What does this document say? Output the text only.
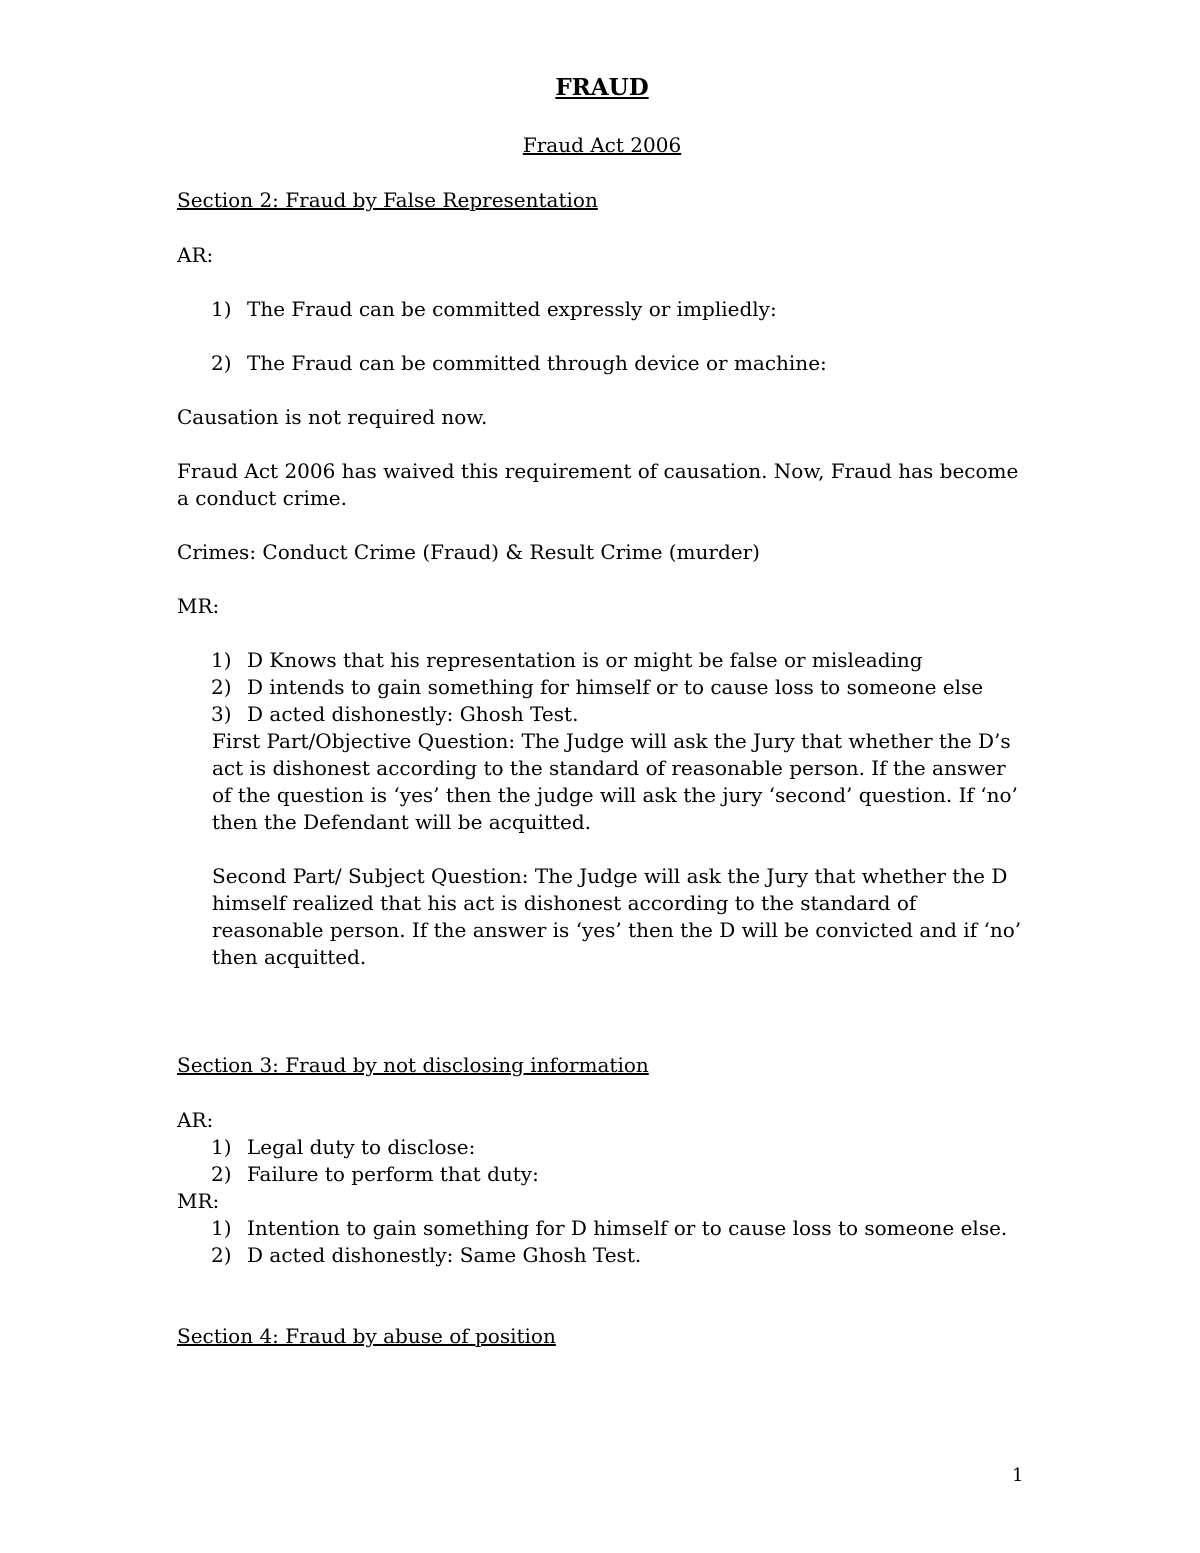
FRAUD
Fraud Act 2006
Section 2: Fraud by False Representation
AR:
1) The Fraud can be committed expressly or impliedly:
2) The Fraud can be committed through device or machine:
Causation is not required now.
Fraud Act 2006 has waived this requirement of causation. Now, Fraud has become a conduct crime.
Crimes: Conduct Crime (Fraud) & Result Crime (murder)
MR:
1) D Knows that his representation is or might be false or misleading
2) D intends to gain something for himself or to cause loss to someone else
3) D acted dishonestly: Ghosh Test.
First Part/Objective Question: The Judge will ask the Jury that whether the D’s act is dishonest according to the standard of reasonable person. If the answer of the question is ‘yes’ then the judge will ask the jury ‘second’ question. If ‘no’ then the Defendant will be acquitted.
Second Part/ Subject Question: The Judge will ask the Jury that whether the D himself realized that his act is dishonest according to the standard of reasonable person. If the answer is ‘yes’ then the D will be convicted and if ‘no’ then acquitted.
Section 3: Fraud by not disclosing information
AR:
1) Legal duty to disclose:
2) Failure to perform that duty:
MR:
1) Intention to gain something for D himself or to cause loss to someone else.
2) D acted dishonestly: Same Ghosh Test.
Section 4: Fraud by abuse of position
1
